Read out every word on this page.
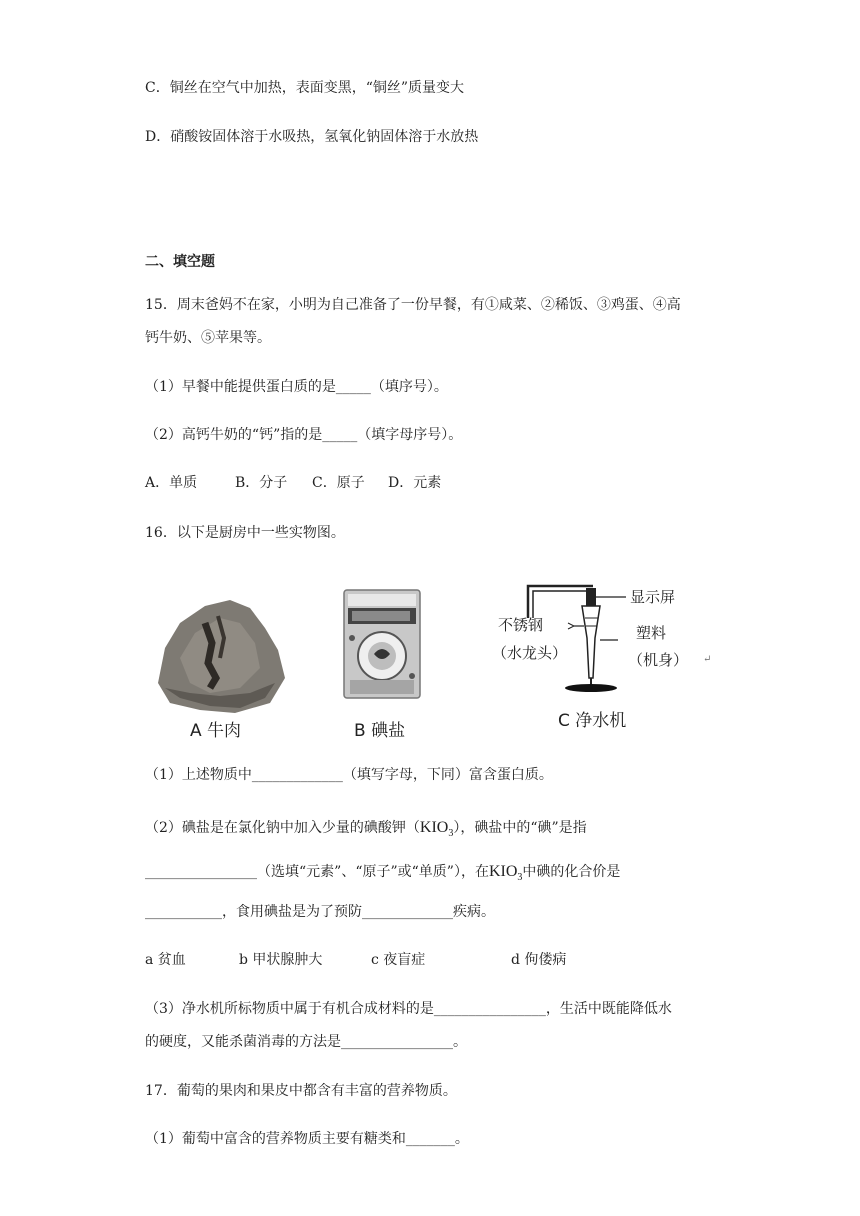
C．铜丝在空气中加热，表面变黑，“铜丝”质量变大
D．硝酸铵固体溶于水吸热，氢氧化钠固体溶于水放热
二、填空题
15．周末爸妈不在家，小明为自己准备了一份早餐，有①咸菜、②稀饭、③鸡蛋、④高
钙牛奶、⑤苹果等。
（1）早餐中能提供蛋白质的是_____（填序号）。
（2）高钙牛奶的“钙”指的是_____（填字母序号）。
A．单质	B．分子 C．原子 D．元素
16．以下是厨房中一些实物图。
A 牛肉	B 碘盐
显示屏
不锈钢
（水龙头）
塑料
（机身） ↵
C 净水机
（1）上述物质中_____________（填写字母，下同）富含蛋白质。
（2）碘盐是在氯化钠中加入少量的碘酸钾$(KIO_3)$，碘盐中的“碘”是指
________________（选填“元素”、“原子”或“单质”），在$KIO_3$中碘的化合价是
___________，食用碘盐是为了预防_____________疾病。
a 贫血	b 甲状腺肿大	c 夜盲症	d 佝偻病
（3）净水机所标物质中属于有机合成材料的是________________，生活中既能降低水
的硬度，又能杀菌消毒的方法是________________。
17．葡萄的果肉和果皮中都含有丰富的营养物质。
（1）葡萄中富含的营养物质主要有糖类和_______。
